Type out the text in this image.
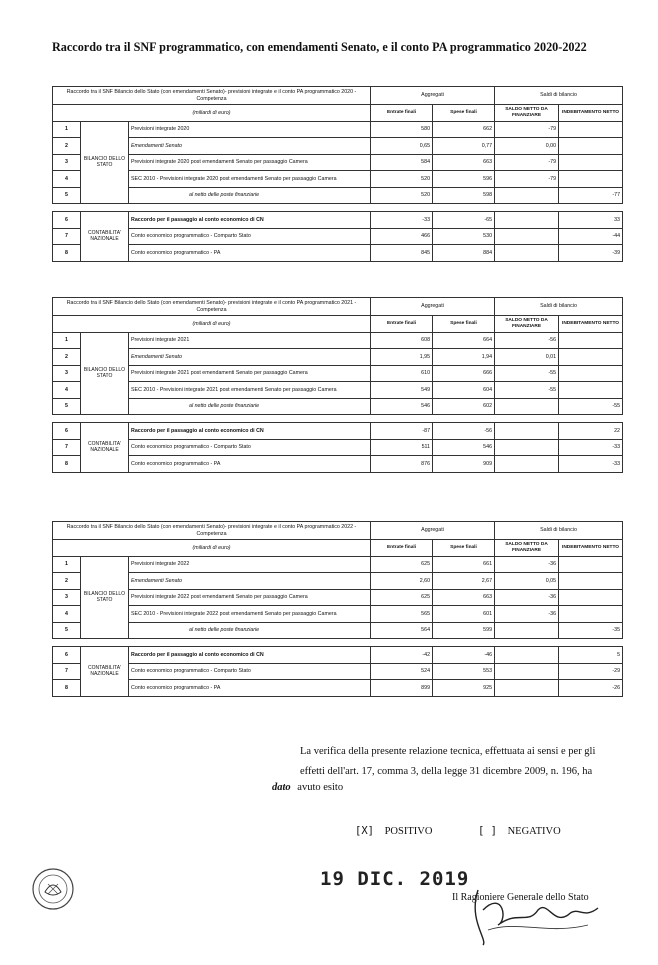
Raccordo tra il SNF programmatico, con emendamenti Senato, e il conto PA programmatico 2020-2022
Raccordo tra il SNF Bilancio dello Stato (con emendamenti Senato)- previsioni integrate e il conto PA programmatico 2020 - Competenza			Aggregati		Saldi di bilancio	
(miliardi di euro)			Entrate finali	Spese finali	SALDO NETTO DA FINANZIARE	INDEBITAMENTO NETTO
1	BILANCIO DELLO STATO	Previsioni integrate 2020	580	662	-79	
2		Emendamenti Senato	0,65	0,77	0,00	
3		Previsioni integrate 2020 post emendamenti Senato per passaggio Camera	584	663	-79	
4		SEC 2010 - Previsioni integrate 2020 post emendamenti Senato per passaggio Camera	520	596	-79	
5		al netto delle poste finanziarie	520	598		-77

6	CONTABILITA' NAZIONALE	Raccordo per il passaggio al conto economico di CN	-33	-65		33
7		Conto economico programmatico - Comparto Stato	466	530		-44
8		Conto economico programmatico - PA	845	884		-39
Raccordo tra il SNF Bilancio dello Stato (con emendamenti Senato)- previsioni integrate e il conto PA programmatico 2021 - Competenza			Aggregati		Saldi di bilancio	
(miliardi di euro)			Entrate finali	Spese finali	SALDO NETTO DA FINANZIARE	INDEBITAMENTO NETTO
1	BILANCIO DELLO STATO	Previsioni integrate 2021	608	664	-56	
2		Emendamenti Senato	1,95	1,94	0,01	
3		Previsioni integrate 2021 post emendamenti Senato per passaggio Camera	610	666	-55	
4		SEC 2010 - Previsioni integrate 2021 post emendamenti Senato per passaggio Camera	549	604	-55	
5		al netto delle poste finanziarie	546	602		-55

6	CONTABILITA' NAZIONALE	Raccordo per il passaggio al conto economico di CN	-87	-56		22
7		Conto economico programmatico - Comparto Stato	511	546		-33
8		Conto economico programmatico - PA	876	909		-33
Raccordo tra il SNF Bilancio dello Stato (con emendamenti Senato)- previsioni integrate e il conto PA programmatico 2022 - Competenza			Aggregati		Saldi di bilancio	
(miliardi di euro)			Entrate finali	Spese finali	SALDO NETTO DA FINANZIARE	INDEBITAMENTO NETTO
1	BILANCIO DELLO STATO	Previsioni integrate 2022	625	661	-36	
2		Emendamenti Senato	2,60	2,67	0,05	
3		Previsioni integrate 2022 post emendamenti Senato per passaggio Camera	625	663	-36	
4		SEC 2010 - Previsioni integrate 2022 post emendamenti Senato per passaggio Camera	565	601	-36	
5		al netto delle poste finanziarie	564	599		-35

6	CONTABILITA' NAZIONALE	Raccordo per il passaggio al conto economico di CN	-42	-46		5
7		Conto economico programmatico - Comparto Stato	524	553		-29
8		Conto economico programmatico - PA	899	925		-26
La verifica della presente relazione tecnica, effettuata ai sensi e per gli effetti dell'art. 17, comma 3, della legge 31 dicembre 2009, n. 196, ha
dato avuto esito
[X] POSITIVO	[ ] NEGATIVO
19 DIC. 2019
Il Ragioniere Generale dello Stato
